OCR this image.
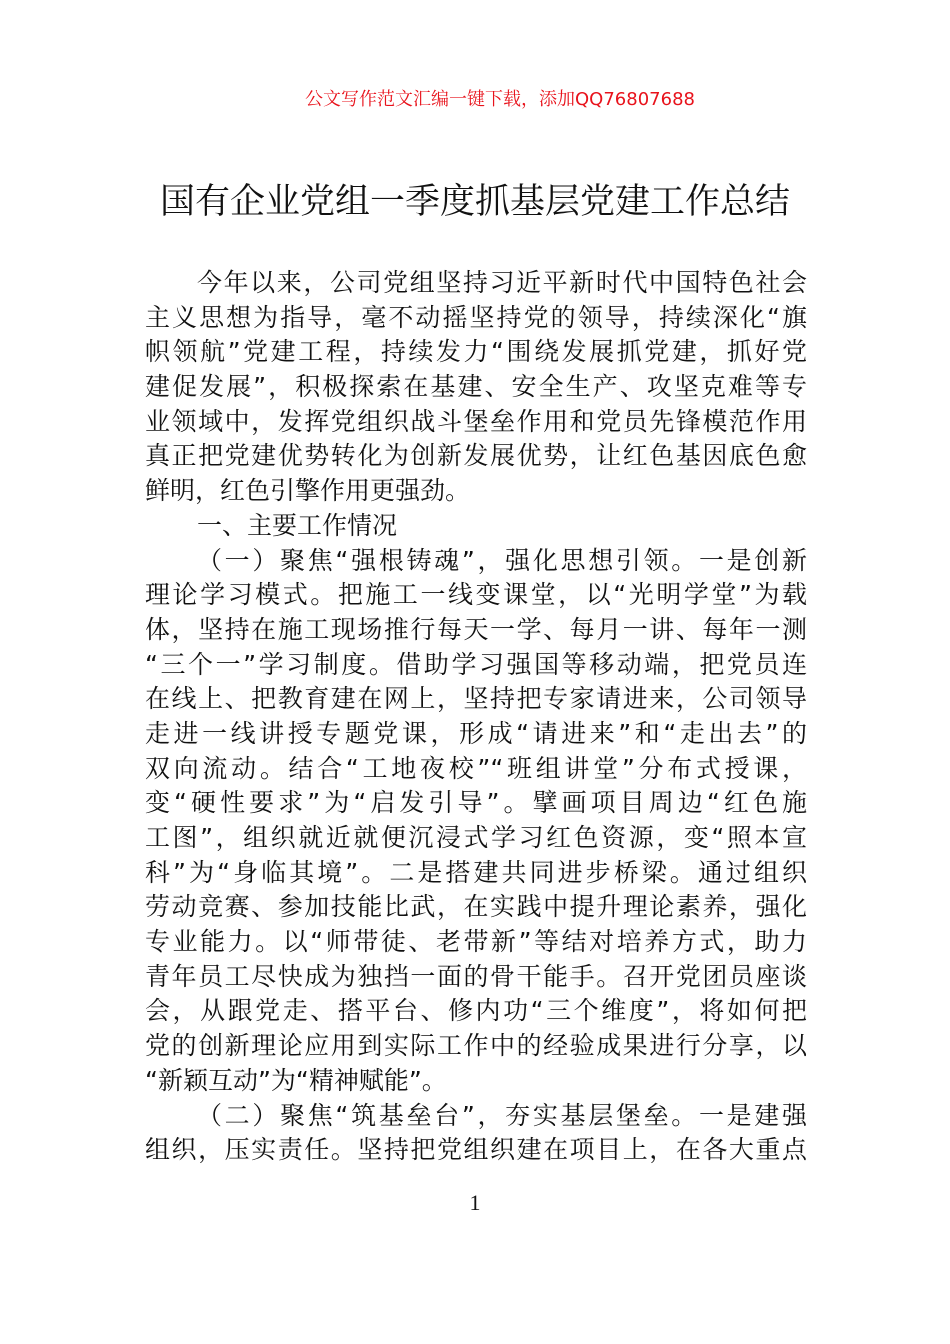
公文写作范文汇编一键下载，添加QQ76807688
国有企业党组一季度抓基层党建工作总结
今年以来，公司党组坚持习近平新时代中国特色社会
主义思想为指导，毫不动摇坚持党的领导，持续深化“旗
帜领航”党建工程，持续发力“围绕发展抓党建，抓好党
建促发展”，积极探索在基建、安全生产、攻坚克难等专
业领域中，发挥党组织战斗堡垒作用和党员先锋模范作用
真正把党建优势转化为创新发展优势，让红色基因底色愈
鲜明，红色引擎作用更强劲。
一、主要工作情况
（一）聚焦“强根铸魂”，强化思想引领。一是创新
理论学习模式。把施工一线变课堂，以“光明学堂”为载
体，坚持在施工现场推行每天一学、每月一讲、每年一测
“三个一”学习制度。借助学习强国等移动端，把党员连
在线上、把教育建在网上，坚持把专家请进来，公司领导
走进一线讲授专题党课，形成“请进来”和“走出去”的
双向流动。结合“工地夜校”“班组讲堂”分布式授课，
变“硬性要求”为“启发引导”。擘画项目周边“红色施
工图”，组织就近就便沉浸式学习红色资源，变“照本宣
科”为“身临其境”。二是搭建共同进步桥梁。通过组织
劳动竞赛、参加技能比武，在实践中提升理论素养，强化
专业能力。以“师带徒、老带新”等结对培养方式，助力
青年员工尽快成为独挡一面的骨干能手。召开党团员座谈
会，从跟党走、搭平台、修内功“三个维度”，将如何把
党的创新理论应用到实际工作中的经验成果进行分享，以
“新颖互动”为“精神赋能”。
（二）聚焦“筑基垒台”，夯实基层堡垒。一是建强
组织，压实责任。坚持把党组织建在项目上，在各大重点
1
